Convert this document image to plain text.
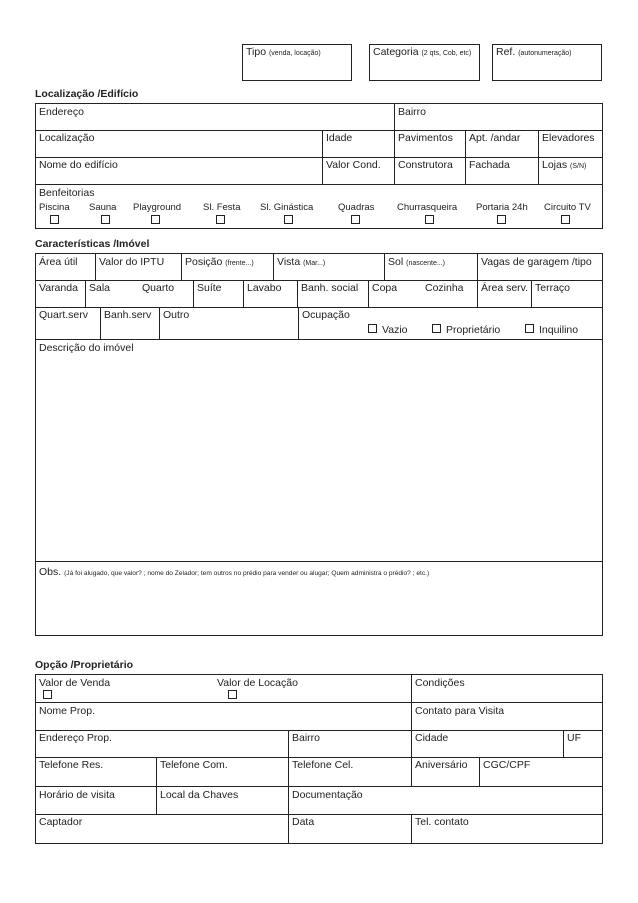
Tipo (venda, locação)	Categoria (2 qts, Cob, etc)	Ref. (autonumeração)
Localização /Edifício
Endereço	Bairro
Localização	Idade	Pavimentos	Apt. /andar	Elevadores
Nome do edifício	Valor Cond.	Construtora	Fachada	Lojas (S/N)
Benfeitorias
Piscina Sauna Playground Sl. Festa Sl. Ginástica	Quadras Churrasqueira Portaria 24h Circuito TV
Características /Imóvel
Área útil	Valor do IPTU	Posição (frente...)	Vista (Mar...)	Sol (nascente...)	Vagas de garagem /tipo
Varanda	Sala	Quarto	Suíte	Lavabo	Banh. social	Copa	Cozinha	Área serv. Terraço
Quart.serv	Banh.serv	Outro	Ocupação
Vazio	Proprietário	Inquilino
Descrição do imóvel
Obs. (Já foi alugado, que valor? ; nome do Zelador; tem outros no prédio para vender ou alugar; Quem administra o prédio? ; etc.)
Opção /Proprietário
Valor de Venda	Valor de Locação	Condições
Nome Prop.	Contato para Visita
Endereço Prop.	Bairro	Cidade	UF
Telefone Res.	Telefone Com.	Telefone Cel.	Aniversário	CGC/CPF
Horário de visita	Local da Chaves	Documentação
Captador	Data	Tel. contato
